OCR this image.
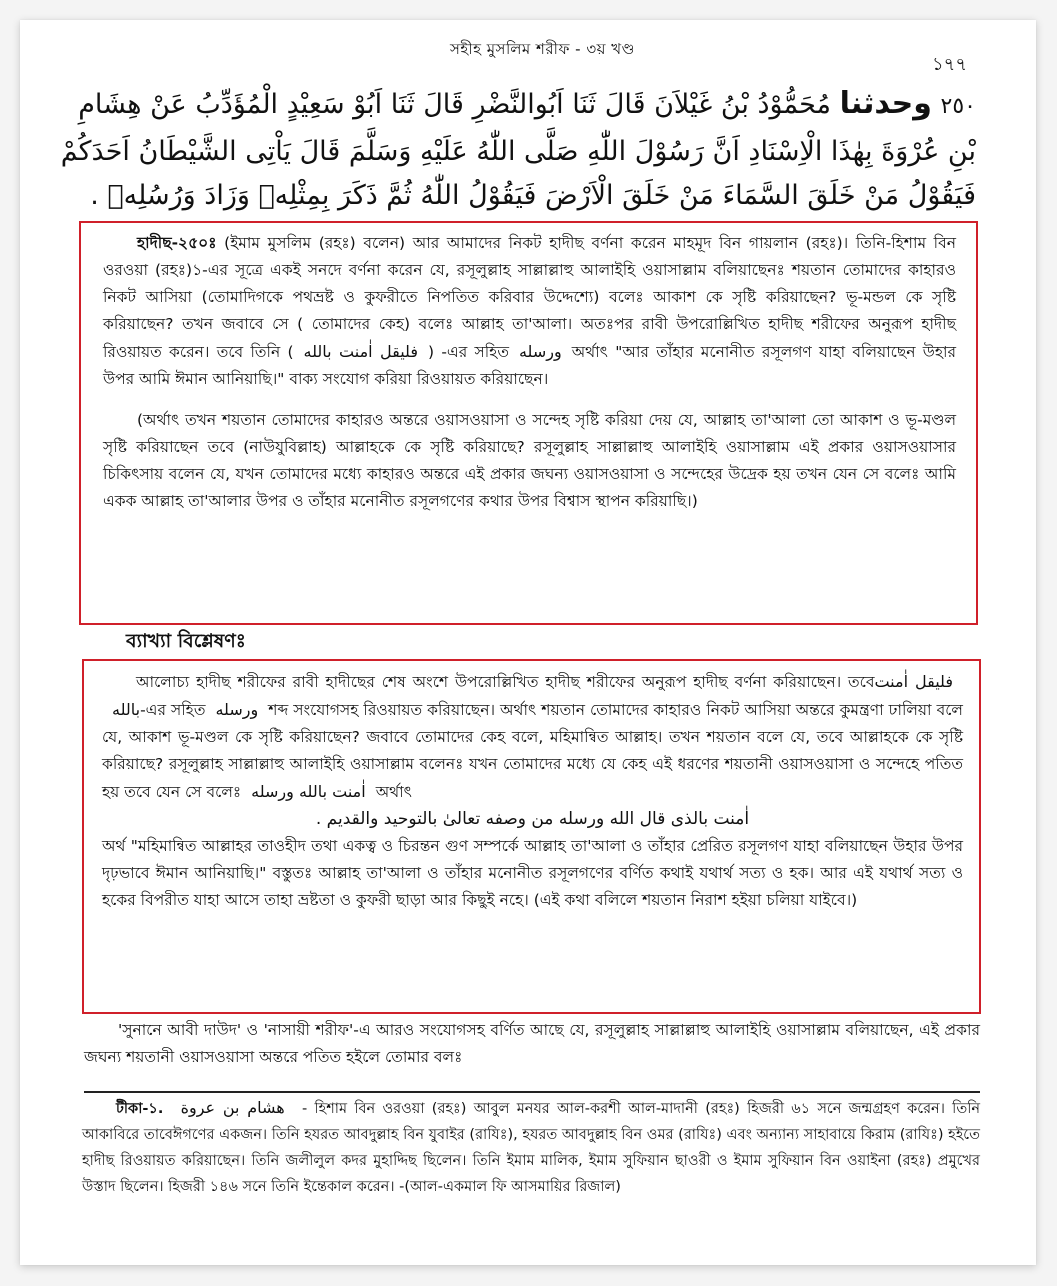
সহীহ মুসলিম শরীফ - ৩য় খণ্ড
১৭৭
٢٥٠ وحدثنا مُحَمُّوْدُ بْنُ غَيْلاَنَ قَالَ ثَنَا اَبُوالنَّضْرِ قَالَ ثَنَا اَبُوْ سَعِيْدٍ الْمُؤَدِّبُ عَنْ هِشَامِ
بْنِ عُرْوَةَ بِهٰذَا الْاِسْنَادِ اَنَّ رَسُوْلَ اللّٰهِ صَلَّى اللّٰهُ عَلَيْهِ وَسَلَّمَ قَالَ يَاْتِى الشَّيْطَانُ اَحَدَكُمْ
فَيَقُوْلُ مَنْ خَلَقَ السَّمَاءَ مَنْ خَلَقَ الْاَرْضَ فَيَقُوْلُ اللّٰهُ ثُمَّ ذَكَرَ بِمِثْلِهٖ وَزَادَ وَرُسُلِهٖ .

হাদীছ-২৫০ঃ (ইমাম মুসলিম (রহঃ) বলেন) আর আমাদের নিকট হাদীছ বর্ণনা করেন মাহমূদ বিন গায়লান (রহঃ)। তিনি-হিশাম বিন ওরওয়া (রহঃ)১-এর সূত্রে একই সনদে বর্ণনা করেন যে, রসূলুল্লাহ সাল্লাল্লাহু আলাইহি ওয়াসাল্লাম বলিয়াছেনঃ শয়তান তোমাদের কাহারও নিকট আসিয়া (তোমাদিগকে পথভ্রষ্ট ও কুফরীতে নিপতিত করিবার উদ্দেশ্যে) বলেঃ আকাশ কে সৃষ্টি করিয়াছেন? ভূ-মন্ডল কে সৃষ্টি করিয়াছেন? তখন জবাবে সে ( তোমাদের কেহ) বলেঃ আল্লাহ তা'আলা। অতঃপর রাবী উপরোল্লিখিত হাদীছ শরীফের অনুরূপ হাদীছ রিওয়ায়ত করেন। তবে তিনি ( فليقل اٰمنت بالله ) -এর সহিত ورسله অর্থাৎ "আর তাঁহার মনোনীত রসূলগণ যাহা বলিয়াছেন উহার উপর আমি ঈমান আনিয়াছি।" বাক্য সংযোগ করিয়া রিওয়ায়ত করিয়াছেন।

(অর্থাৎ তখন শয়তান তোমাদের কাহারও অন্তরে ওয়াসওয়াসা ও সন্দেহ সৃষ্টি করিয়া দেয় যে, আল্লাহ তা'আলা তো আকাশ ও ভূ-মণ্ডল সৃষ্টি করিয়াছেন তবে (নাউযুবিল্লাহ) আল্লাহকে কে সৃষ্টি করিয়াছে? রসূলুল্লাহ সাল্লাল্লাহু আলাইহি ওয়াসাল্লাম এই প্রকার ওয়াসওয়াসার চিকিৎসায় বলেন যে, যখন তোমাদের মধ্যে কাহারও অন্তরে এই প্রকার জঘন্য ওয়াসওয়াসা ও সন্দেহের উদ্রেক হয় তখন যেন সে বলেঃ আমি একক আল্লাহ তা'আলার উপর ও তাঁহার মনোনীত রসূলগণের কথার উপর বিশ্বাস স্থাপন করিয়াছি।)

ব্যাখ্যা বিশ্লেষণঃ

আলোচ্য হাদীছ শরীফের রাবী হাদীছের শেষ অংশে উপরোল্লিখিত হাদীছ শরীফের অনুরূপ হাদীছ বর্ণনা করিয়াছেন। তবেفليقل اٰمنت بالله-এর সহিত ورسله শব্দ সংযোগসহ রিওয়ায়ত করিয়াছেন। অর্থাৎ শয়তান তোমাদের কাহারও নিকট আসিয়া অন্তরে কুমন্ত্রণা ঢালিয়া বলে যে, আকাশ ভূ-মণ্ডল কে সৃষ্টি করিয়াছেন? জবাবে তোমাদের কেহ বলে, মহিমান্বিত আল্লাহ। তখন শয়তান বলে যে, তবে আল্লাহকে কে সৃষ্টি করিয়াছে? রসূলুল্লাহ সাল্লাল্লাহু আলাইহি ওয়াসাল্লাম বলেনঃ যখন তোমাদের মধ্যে যে কেহ এই ধরণের শয়তানী ওয়াসওয়াসা ও সন্দেহে পতিত হয় তবে যেন সে বলেঃ اٰمنت بالله ورسله অর্থাৎ

اٰمنت بالذى قال الله ورسله من وصفه تعالىٰ بالتوحيد والقديم .

অর্থ "মহিমান্বিত আল্লাহর তাওহীদ তথা একত্ব ও চিরন্তন গুণ সম্পর্কে আল্লাহ তা'আলা ও তাঁহার প্রেরিত রসূলগণ যাহা বলিয়াছেন উহার উপর দৃঢ়ভাবে ঈমান আনিয়াছি।" বস্তুতঃ আল্লাহ তা'আলা ও তাঁহার মনোনীত রসূলগণের বর্ণিত কথাই যথার্থ সত্য ও হক। আর এই যথার্থ সত্য ও হকের বিপরীত যাহা আসে তাহা ভ্রষ্টতা ও কুফরী ছাড়া আর কিছুই নহে। (এই কথা বলিলে শয়তান নিরাশ হইয়া চলিয়া যাইবে।)

'সুনানে আবী দাউদ' ও 'নাসায়ী শরীফ'-এ আরও সংযোগসহ বর্ণিত আছে যে, রসূলুল্লাহ সাল্লাল্লাহু আলাইহি ওয়াসাল্লাম বলিয়াছেন, এই প্রকার জঘন্য শয়তানী ওয়াসওয়াসা অন্তরে পতিত হইলে তোমার বলঃ

টীকা-১. هشام بن عروة - হিশাম বিন ওরওয়া (রহঃ) আবুল মনযর আল-করশী আল-মাদানী (রহঃ) হিজরী ৬১ সনে জন্মগ্রহণ করেন। তিনি আকাবিরে তাবেঈগণের একজন। তিনি হযরত আবদুল্লাহ বিন যুবাইর (রাযিঃ), হযরত আবদুল্লাহ বিন ওমর (রাযিঃ) এবং অন্যান্য সাহাবায়ে কিরাম (রাযিঃ) হইতে হাদীছ রিওয়ায়ত করিয়াছেন। তিনি জলীলুল কদর মুহাদ্দিছ ছিলেন। তিনি ইমাম মালিক, ইমাম সুফিয়ান ছাওরী ও ইমাম সুফিয়ান বিন ওয়াইনা (রহঃ) প্রমুখের উস্তাদ ছিলেন। হিজরী ১৪৬ সনে তিনি ইন্তেকাল করেন। -(আল-একমাল ফি আসমায়ির রিজাল)
